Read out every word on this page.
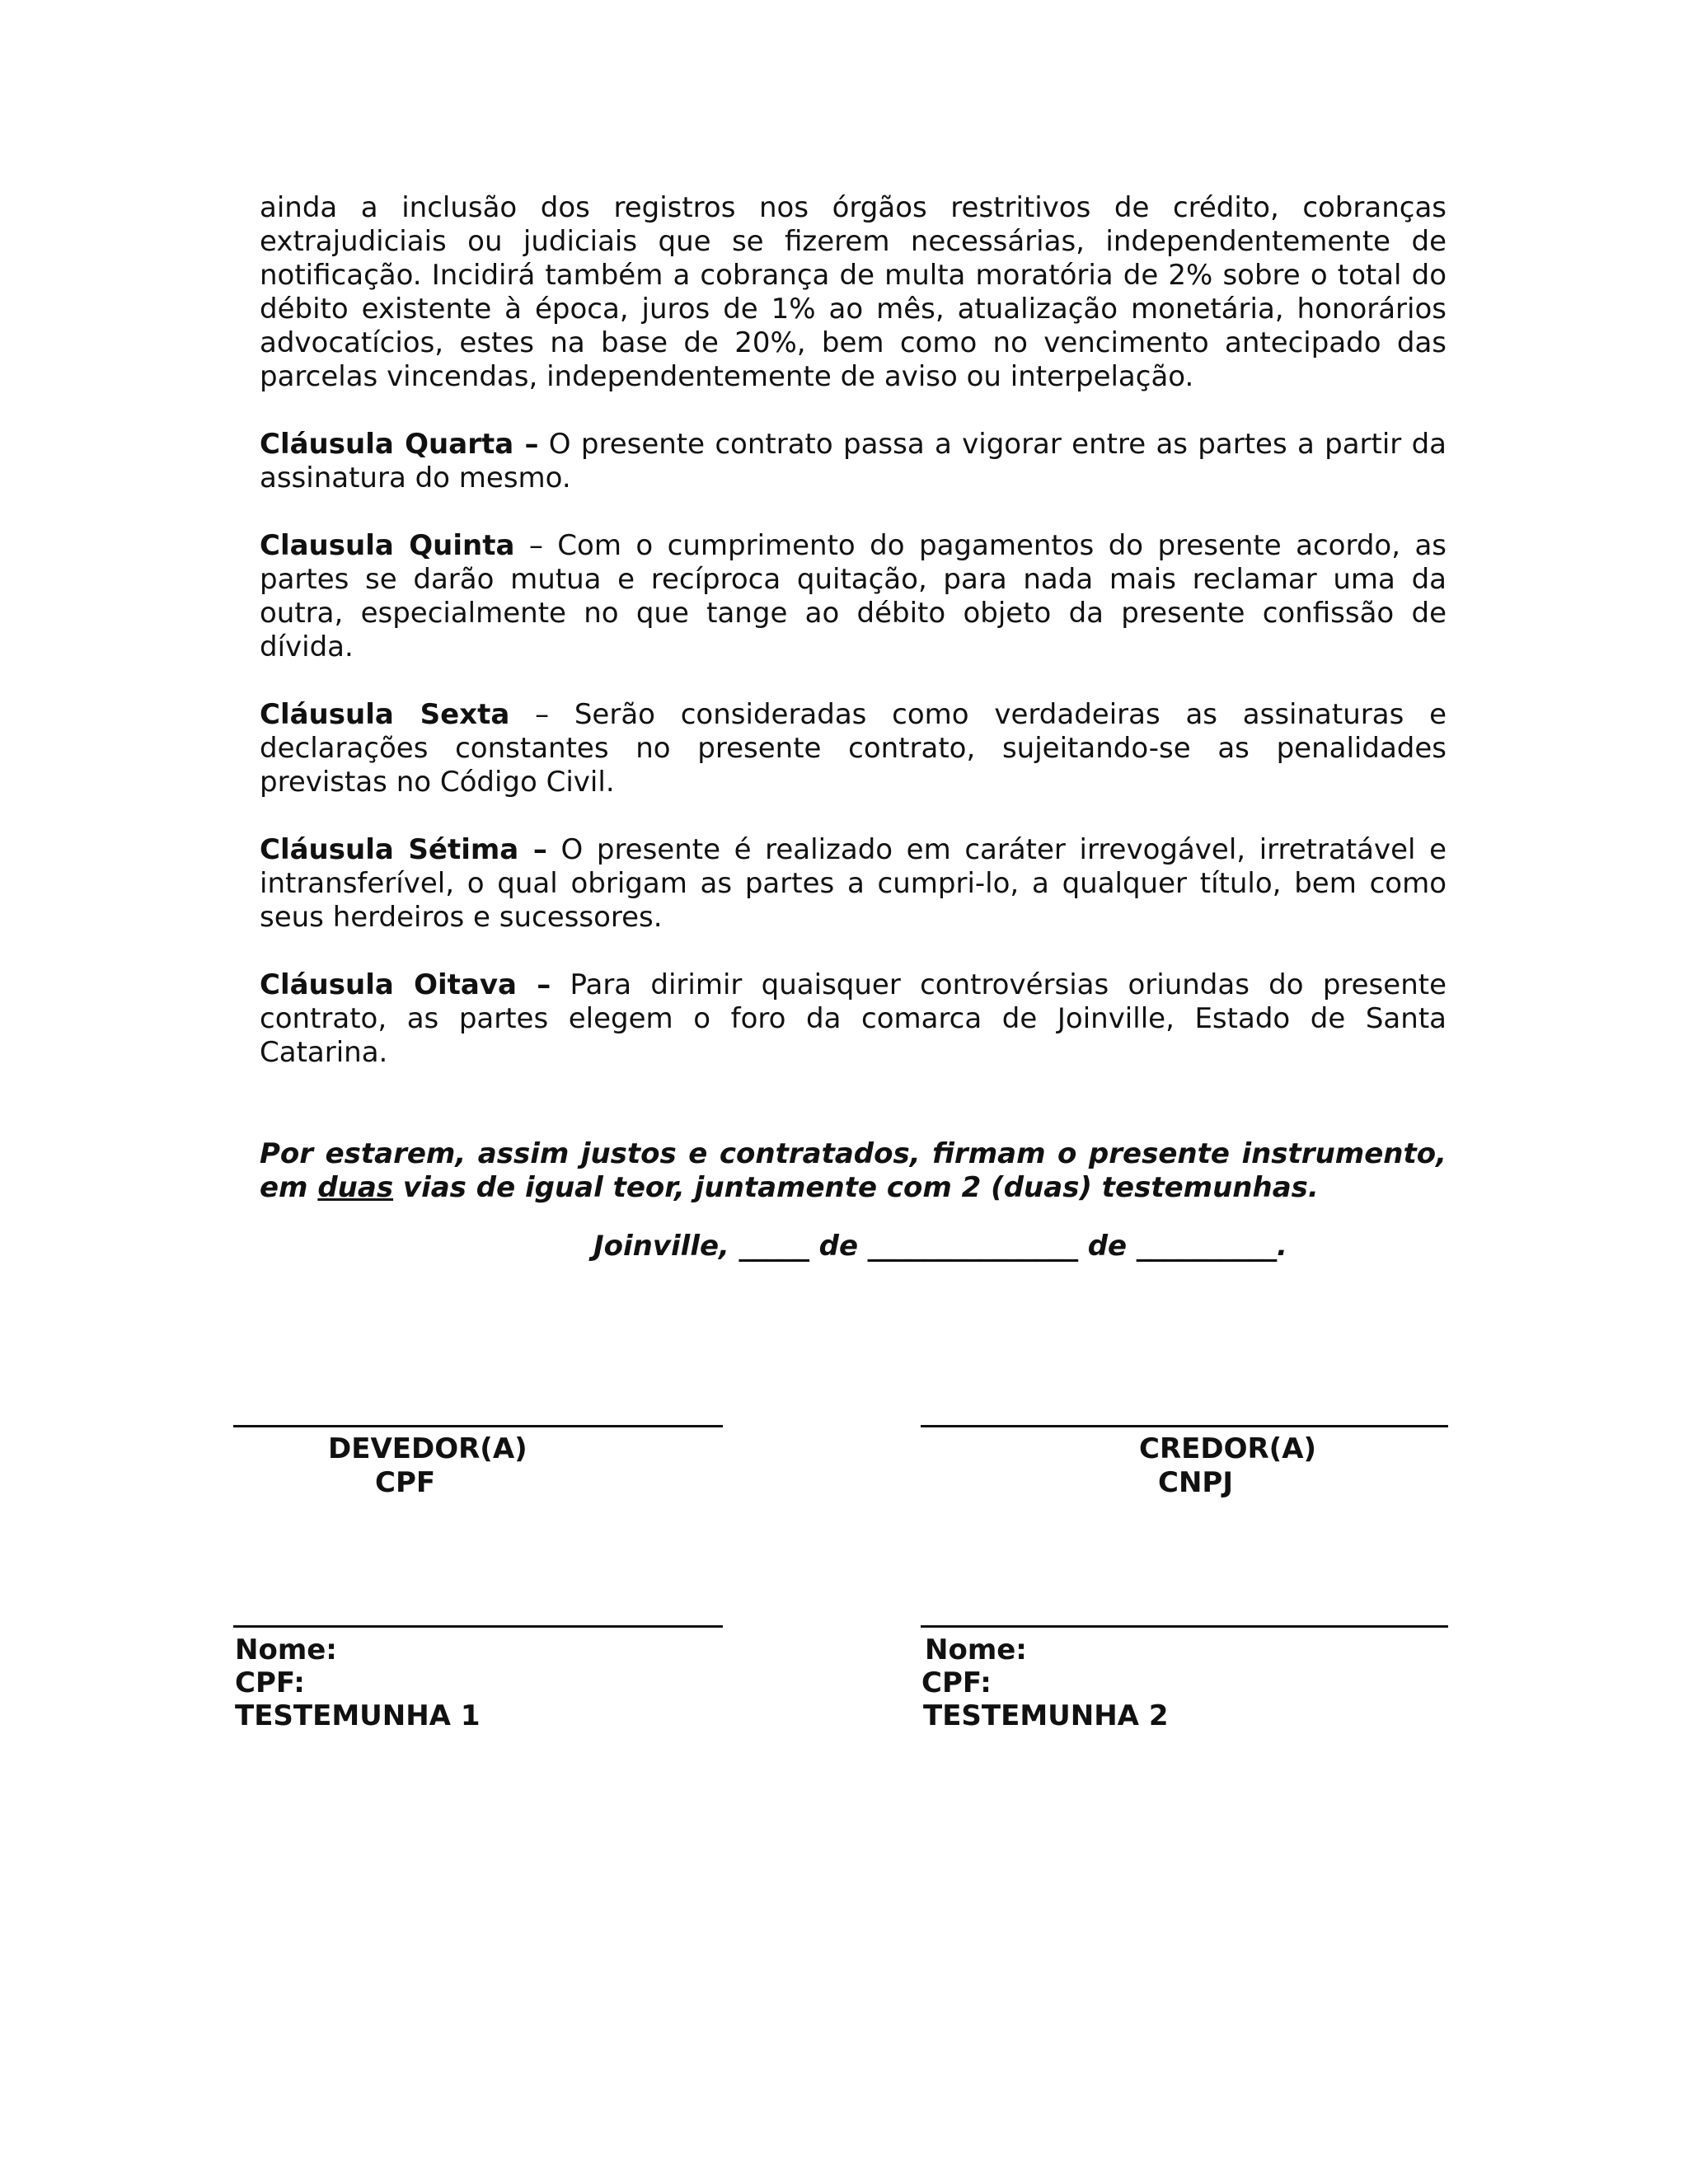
ainda a inclusão dos registros nos órgãos restritivos de crédito, cobranças extrajudiciais ou judiciais que se fizerem necessárias, independentemente de notificação. Incidirá também a cobrança de multa moratória de 2% sobre o total do débito existente à época, juros de 1% ao mês, atualização monetária, honorários advocatícios, estes na base de 20%, bem como no vencimento antecipado das parcelas vincendas, independentemente de aviso ou interpelação.

Cláusula Quarta – O presente contrato passa a vigorar entre as partes a partir da assinatura do mesmo.

Clausula Quinta – Com o cumprimento do pagamentos do presente acordo, as partes se darão mutua e recíproca quitação, para nada mais reclamar uma da outra, especialmente no que tange ao débito objeto da presente confissão de dívida.

Cláusula Sexta – Serão consideradas como verdadeiras as assinaturas e declarações constantes no presente contrato, sujeitando-se as penalidades previstas no Código Civil.

Cláusula Sétima – O presente é realizado em caráter irrevogável, irretratável e intransferível, o qual obrigam as partes a cumpri-lo, a qualquer título, bem como seus herdeiros e sucessores.

Cláusula Oitava – Para dirimir quaisquer controvérsias oriundas do presente contrato, as partes elegem o foro da comarca de Joinville, Estado de Santa Catarina.

Por estarem, assim justos e contratados, firmam o presente instrumento, em duas vias de igual teor, juntamente com 2 (duas) testemunhas.

Joinville, _____ de _______________ de __________.
DEVEDOR(A)
CPF
CREDOR(A)
CNPJ
Nome:
CPF:
TESTEMUNHA 1
Nome:
CPF:
TESTEMUNHA 2
